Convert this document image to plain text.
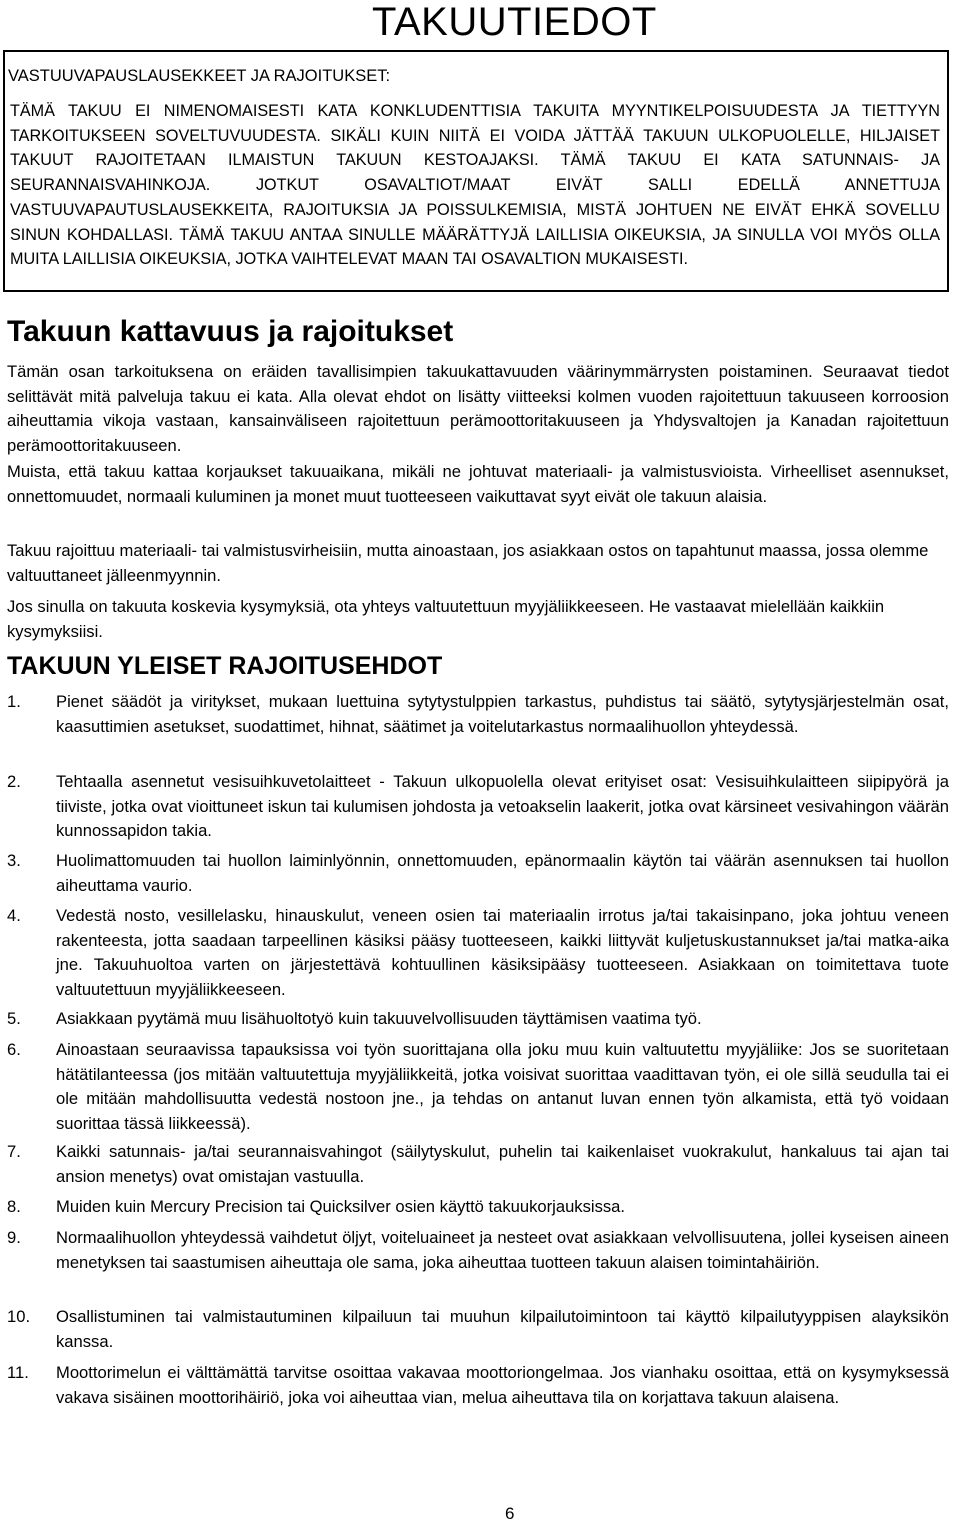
TAKUUTIEDOT
VASTUUVAPAUSLAUSEKKEET JA RAJOITUKSET:

TÄMÄ TAKUU EI NIMENOMAISESTI KATA KONKLUDENTTISIA TAKUITA MYYNTIKELPOISUUDESTA JA TIETTYYN TARKOITUKSEEN SOVELTUVUUDESTA. SIKÄLI KUIN NIITÄ EI VOIDA JÄTTÄÄ TAKUUN ULKOPUOLELLE, HILJAISET TAKUUT RAJOITETAAN ILMAISTUN TAKUUN KESTOAJAKSI. TÄMÄ TAKUU EI KATA SATUNNAIS- JA SEURANNAISVAHINKOJA. JOTKUT OSAVALTIOT/MAAT EIVÄT SALLI EDELLÄ ANNETTUJA VASTUUVAPAUTUSLAUSEKKEITA, RAJOITUKSIA JA POISSULKEMISIA, MISTÄ JOHTUEN NE EIVÄT EHKÄ SOVELLU SINUN KOHDALLASI. TÄMÄ TAKUU ANTAA SINULLE MÄÄRÄTTYJÄ LAILLISIA OIKEUKSIA, JA SINULLA VOI MYÖS OLLA MUITA LAILLISIA OIKEUKSIA, JOTKA VAIHTELEVAT MAAN TAI OSAVALTION MUKAISESTI.

Takuun kattavuus ja rajoitukset

Tämän osan tarkoituksena on eräiden tavallisimpien takuukattavuuden väärinymmärrysten poistaminen. Seuraavat tiedot selittävät mitä palveluja takuu ei kata. Alla olevat ehdot on lisätty viitteeksi kolmen vuoden rajoitettuun takuuseen korroosion aiheuttamia vikoja vastaan, kansainväliseen rajoitettuun perämoottoritakuuseen ja Yhdysvaltojen ja Kanadan rajoitettuun perämoottoritakuuseen.

Muista, että takuu kattaa korjaukset takuuaikana, mikäli ne johtuvat materiaali- ja valmistusvioista. Virheelliset asennukset, onnettomuudet, normaali kuluminen ja monet muut tuotteeseen vaikuttavat syyt eivät ole takuun alaisia.

Takuu rajoittuu materiaali- tai valmistusvirheisiin, mutta ainoastaan, jos asiakkaan ostos on tapahtunut maassa, jossa olemme valtuuttaneet jälleenmyynnin.

Jos sinulla on takuuta koskevia kysymyksiä, ota yhteys valtuutettuun myyjäliikkeeseen. He vastaavat mielellään kaikkiin kysymyksiisi.

TAKUUN YLEISET RAJOITUSEHDOT
1.	Pienet säädöt ja viritykset, mukaan luettuina sytytystulppien tarkastus, puhdistus tai säätö, sytytysjärjestelmän osat, kaasuttimien asetukset, suodattimet, hihnat, säätimet ja voitelutarkastus normaalihuollon yhteydessä.
2.	Tehtaalla asennetut vesisuihkuvetolaitteet - Takuun ulkopuolella olevat erityiset osat: Vesisuihkulaitteen siipipyörä ja tiiviste, jotka ovat vioittuneet iskun tai kulumisen johdosta ja vetoakselin laakerit, jotka ovat kärsineet vesivahingon väärän kunnossapidon takia.
3.	Huolimattomuuden tai huollon laiminlyönnin, onnettomuuden, epänormaalin käytön tai väärän asennuksen tai huollon aiheuttama vaurio.
4.	Vedestä nosto, vesillelasku, hinauskulut, veneen osien tai materiaalin irrotus ja/tai takaisinpano, joka johtuu veneen rakenteesta, jotta saadaan tarpeellinen käsiksi pääsy tuotteeseen, kaikki liittyvät kuljetuskustannukset ja/tai matka-aika jne. Takuuhuoltoa varten on järjestettävä kohtuullinen käsiksipääsy tuotteeseen. Asiakkaan on toimitettava tuote valtuutettuun myyjäliikkeeseen.
5.	Asiakkaan pyytämä muu lisähuoltotyö kuin takuuvelvollisuuden täyttämisen vaatima työ.
6.	Ainoastaan seuraavissa tapauksissa voi työn suorittajana olla joku muu kuin valtuutettu myyjäliike: Jos se suoritetaan hätätilanteessa (jos mitään valtuutettuja myyjäliikkeitä, jotka voisivat suorittaa vaadittavan työn, ei ole sillä seudulla tai ei ole mitään mahdollisuutta vedestä nostoon jne., ja tehdas on antanut luvan ennen työn alkamista, että työ voidaan suorittaa tässä liikkeessä).
7.	Kaikki satunnais- ja/tai seurannaisvahingot (säilytyskulut, puhelin tai kaikenlaiset vuokrakulut, hankaluus tai ajan tai ansion menetys) ovat omistajan vastuulla.
8.	Muiden kuin Mercury Precision tai Quicksilver osien käyttö takuukorjauksissa.
9.	Normaalihuollon yhteydessä vaihdetut öljyt, voiteluaineet ja nesteet ovat asiakkaan velvollisuutena, jollei kyseisen aineen menetyksen tai saastumisen aiheuttaja ole sama, joka aiheuttaa tuotteen takuun alaisen toimintahäiriön.
10.	Osallistuminen tai valmistautuminen kilpailuun tai muuhun kilpailutoimintoon tai käyttö kilpailutyyppisen alayksikön kanssa.
11.	Moottorimelun ei välttämättä tarvitse osoittaa vakavaa moottoriongelmaa. Jos vianhaku osoittaa, että on kysymyksessä vakava sisäinen moottorihäiriö, joka voi aiheuttaa vian, melua aiheuttava tila on korjattava takuun alaisena.
6
